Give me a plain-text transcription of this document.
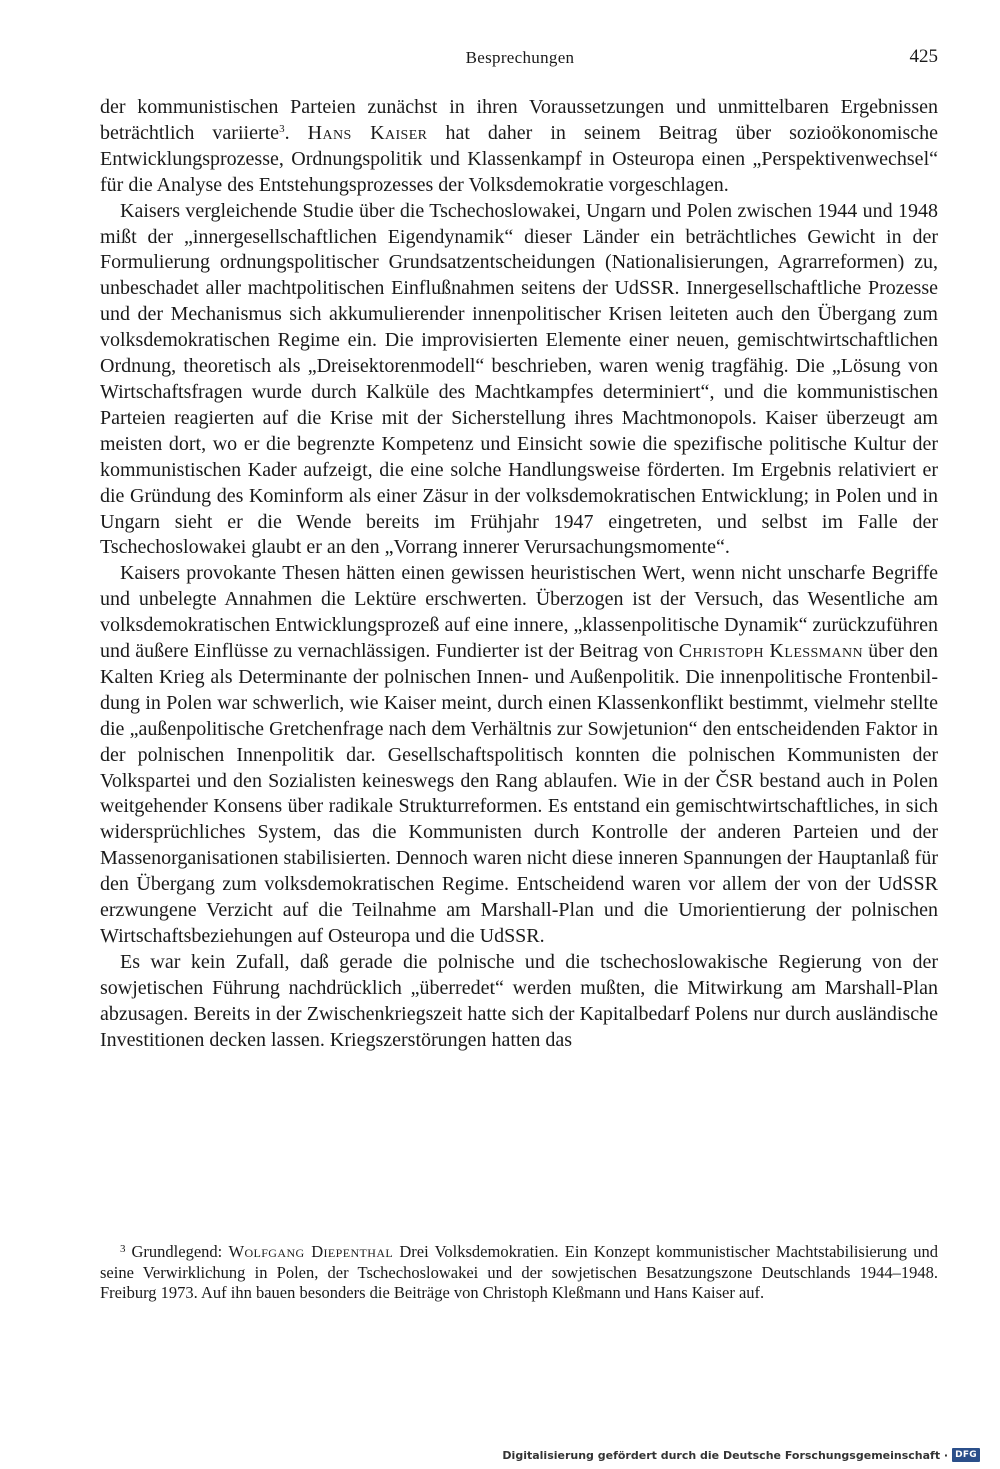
Besprechungen	425

der kommunistischen Parteien zunächst in ihren Voraussetzungen und unmittelbaren Ergebnissen beträchtlich variierte$^3$. Hans Kaiser hat daher in seinem Beitrag über sozioökonomische Entwicklungsprozesse, Ordnungspolitik und Klassenkampf in Osteuropa einen „Perspektivenwechsel“ für die Analyse des Entstehungsprozesses der Volksdemokratie vorgeschlagen.

Kaisers vergleichende Studie über die Tschechoslowakei, Ungarn und Polen zwischen 1944 und 1948 mißt der „innergesellschaftlichen Eigendynamik“ dieser Länder ein beträchtliches Gewicht in der Formulierung ordnungspolitischer Grundsatzentscheidungen (Nationalisierungen, Agrarreformen) zu, unbeschadet aller machtpolitischen Einflußnahmen seitens der UdSSR. Innergesellschaftliche Prozesse und der Mechanismus sich akkumulierender innenpolitischer Krisen leiteten auch den Übergang zum volksdemokratischen Regime ein. Die improvisierten Elemente einer neuen, gemischtwirtschaftlichen Ordnung, theoretisch als „Dreisektorenmodell“ beschrieben, waren wenig tragfähig. Die „Lösung von Wirtschaftsfragen wurde durch Kalküle des Machtkampfes determiniert“, und die kommunistischen Parteien reagierten auf die Krise mit der Sicherstellung ihres Machtmonopols. Kaiser überzeugt am meisten dort, wo er die begrenzte Kompetenz und Einsicht sowie die spezifische politische Kultur der kommunistischen Kader aufzeigt, die eine solche Handlungsweise förderten. Im Ergebnis relativiert er die Gründung des Kominform als einer Zäsur in der volksdemokratischen Entwicklung; in Polen und in Ungarn sieht er die Wende bereits im Frühjahr 1947 eingetreten, und selbst im Falle der Tschechoslowakei glaubt er an den „Vorrang innerer Verursachungsmomente“.

Kaisers provokante Thesen hätten einen gewissen heuristischen Wert, wenn nicht unscharfe Begriffe und unbelegte Annahmen die Lektüre erschwerten. Überzogen ist der Versuch, das Wesentliche am volksdemokratischen Entwicklungsprozeß auf eine innere, „klassenpolitische Dynamik“ zurückzuführen und äußere Einflüsse zu vernachlässigen. Fundierter ist der Beitrag von Christoph Klessmann über den Kalten Krieg als Determinante der polnischen Innen- und Außenpolitik. Die innenpolitische Frontenbildung in Polen war schwerlich, wie Kaiser meint, durch einen Klassenkonflikt bestimmt, vielmehr stellte die „außenpolitische Gretchenfrage nach dem Verhältnis zur Sowjetunion“ den entscheidenden Faktor in der polnischen Innenpolitik dar. Gesellschaftspolitisch konnten die polnischen Kommunisten der Volkspartei und den Sozialisten keineswegs den Rang ablaufen. Wie in der ČSR bestand auch in Polen weitgehender Konsens über radikale Strukturreformen. Es entstand ein gemischtwirtschaftliches, in sich widersprüchliches System, das die Kommunisten durch Kontrolle der anderen Parteien und der Massenorganisationen stabilisierten. Dennoch waren nicht diese inneren Spannungen der Hauptanlaß für den Übergang zum volksdemokratischen Regime. Entscheidend waren vor allem der von der UdSSR erzwungene Verzicht auf die Teilnahme am Marshall-Plan und die Umorientierung der polnischen Wirtschaftsbeziehungen auf Osteuropa und die UdSSR.

Es war kein Zufall, daß gerade die polnische und die tschechoslowakische Regierung von der sowjetischen Führung nachdrücklich „überredet“ werden mußten, die Mitwirkung am Marshall-Plan abzusagen. Bereits in der Zwischenkriegszeit hatte sich der Kapitalbedarf Polens nur durch ausländische Investitionen decken lassen. Kriegszerstörungen hatten das

$^3$ Grundlegend: Wolfgang Diepenthal Drei Volksdemokratien. Ein Konzept kommunistischer Machtstabilisierung und seine Verwirklichung in Polen, der Tschechoslowakei und der sowjetischen Besatzungszone Deutschlands 1944–1948. Freiburg 1973. Auf ihn bauen besonders die Beiträge von Christoph Kleßmann und Hans Kaiser auf.

Digitalisierung gefördert durch die Deutsche Forschungsgemeinschaft · DFG
